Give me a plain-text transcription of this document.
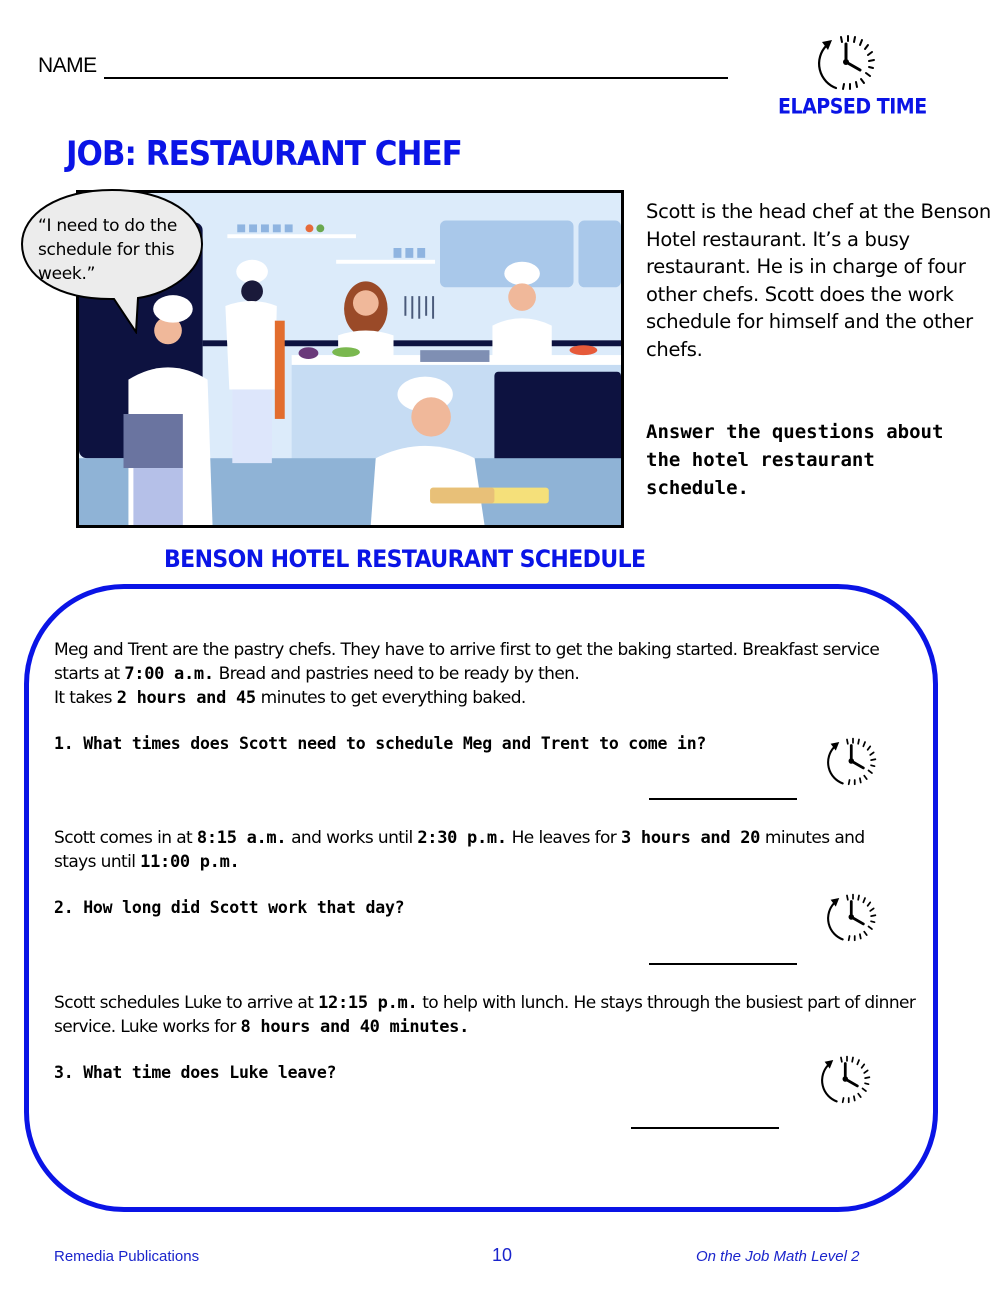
NAME
ELAPSED TIME
JOB: RESTAURANT CHEF
“I need to do the schedule for this week.”
Scott is the head chef at the Benson Hotel restaurant. It’s a busy restaurant. He is in charge of four other chefs. Scott does the work schedule for himself and the other chefs.
Answer the questions about the hotel restaurant schedule.
BENSON HOTEL RESTAURANT SCHEDULE
Meg and Trent are the pastry chefs. They have to arrive first to get the baking started. Breakfast service starts at 7:00 a.m. Bread and pastries need to be ready by then.
It takes 2 hours and 45 minutes to get everything baked.
1. What times does Scott need to schedule Meg and Trent to come in?
Scott comes in at 8:15 a.m. and works until 2:30 p.m. He leaves for 3 hours and 20 minutes and stays until 11:00 p.m.
2. How long did Scott work that day?
Scott schedules Luke to arrive at 12:15 p.m. to help with lunch. He stays through the busiest part of dinner service. Luke works for 8 hours and 40 minutes.
3. What time does Luke leave?
Remedia Publications	10	On the Job Math Level 2
